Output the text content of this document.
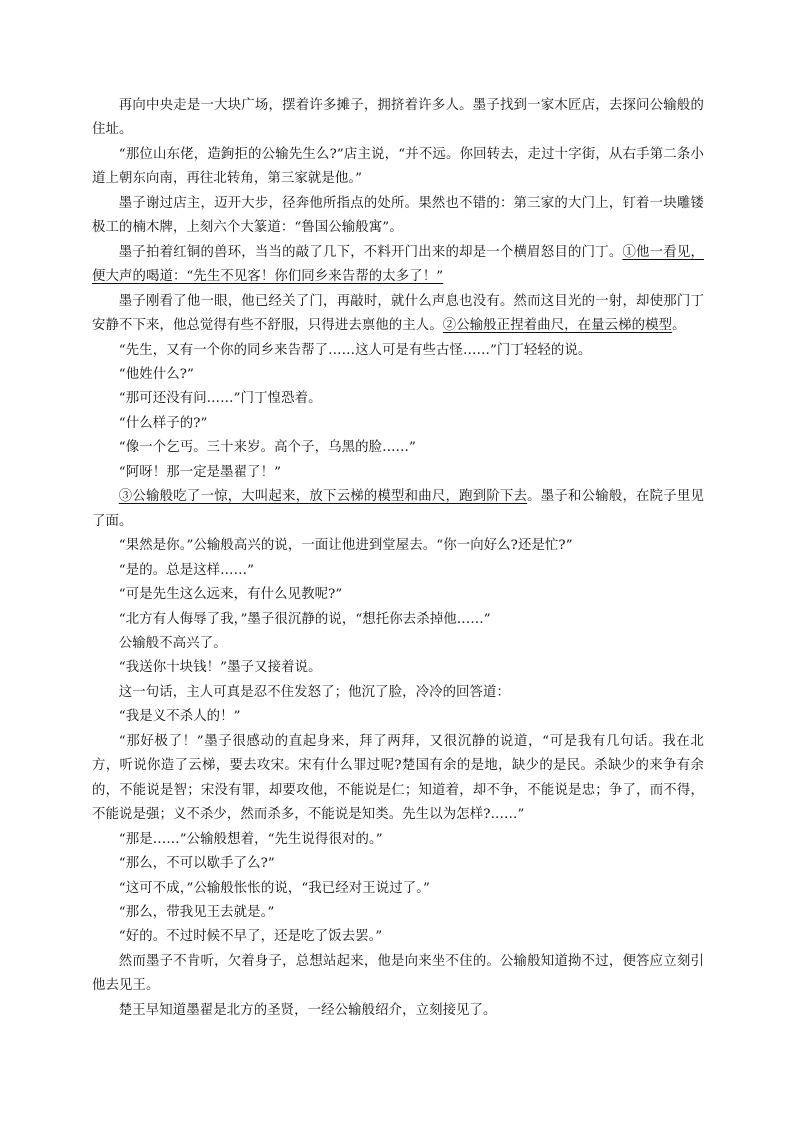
再向中央走是一大块广场，摆着许多摊子，拥挤着许多人。墨子找到一家木匠店，去探问公输般的住址。

“那位山东佬，造鉤拒的公输先生么?”店主说，“并不远。你回转去，走过十字街，从右手第二条小道上朝东向南，再往北转角，第三家就是他。”

墨子谢过店主，迈开大步，径奔他所指点的处所。果然也不错的：第三家的大门上，钉着一块雕镂极工的楠木牌，上刻六个大篆道：“鲁国公输般寓”。

墨子拍着红铜的兽环，当当的敲了几下，不料开门出来的却是一个横眉怒目的门丁。①他一看见，便大声的喝道：“先生不见客！你们同乡来告帮的太多了！”

墨子刚看了他一眼，他已经关了门，再敲时，就什么声息也没有。然而这目光的一射，却使那门丁安静不下来，他总觉得有些不舒服，只得进去禀他的主人。②公输般正捏着曲尺，在量云梯的模型。

“先生，又有一个你的同乡来告帮了……这人可是有些古怪……”门丁轻轻的说。

“他姓什么?”

“那可还没有问……”门丁惶恐着。

“什么样子的?”

“像一个乞丐。三十来岁。高个子，乌黑的脸……”

“阿呀！那一定是墨翟了！”

③公输般吃了一惊，大叫起来，放下云梯的模型和曲尺，跑到阶下去。墨子和公输般，在院子里见了面。

“果然是你。”公输般高兴的说，一面让他进到堂屋去。“你一向好么?还是忙?”

“是的。总是这样……”

“可是先生这么远来，有什么见教呢?”

“北方有人侮辱了我，”墨子很沉静的说，“想托你去杀掉他……”

公输般不高兴了。

“我送你十块钱！”墨子又接着说。

这一句话，主人可真是忍不住发怒了；他沉了脸，冷冷的回答道：

“我是义不杀人的！”

“那好极了！”墨子很感动的直起身来，拜了两拜，又很沉静的说道，“可是我有几句话。我在北方，听说你造了云梯，要去攻宋。宋有什么罪过呢?楚国有余的是地，缺少的是民。杀缺少的来争有余的，不能说是智；宋没有罪，却要攻他，不能说是仁；知道着，却不争，不能说是忠；争了，而不得，不能说是强；义不杀少，然而杀多，不能说是知类。先生以为怎样?……”

“那是……”公输般想着，“先生说得很对的。”

“那么，不可以歇手了么?”

“这可不成，”公输般怅怅的说，“我已经对王说过了。”

“那么，带我见王去就是。”

“好的。不过时候不早了，还是吃了饭去罢。”

然而墨子不肯听，欠着身子，总想站起来，他是向来坐不住的。公输般知道拗不过，便答应立刻引他去见王。

楚王早知道墨翟是北方的圣贤，一经公输般绍介，立刻接见了。
